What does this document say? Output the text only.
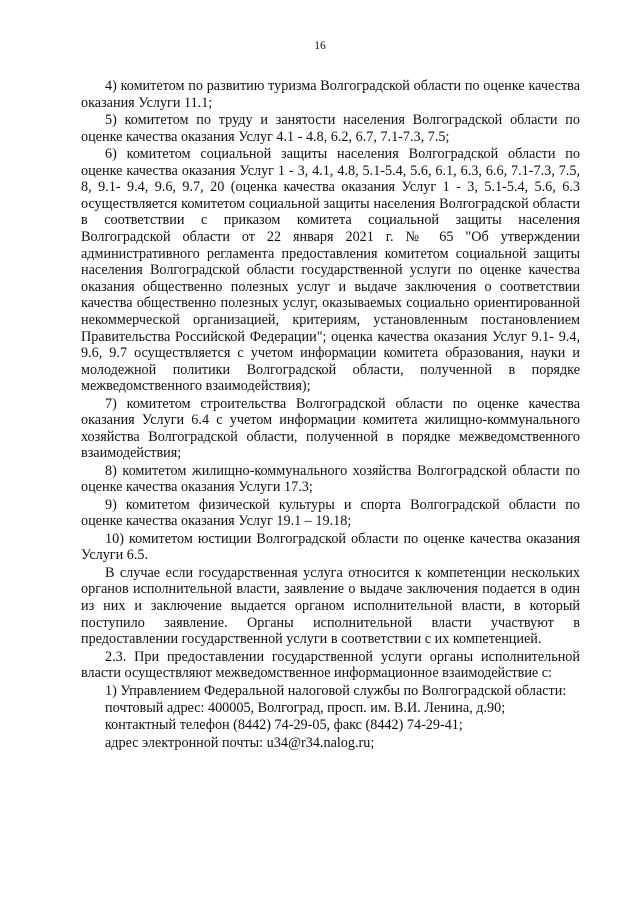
16

4) комитетом по развитию туризма Волгоградской области по оценке качества оказания Услуги 11.1;

5) комитетом по труду и занятости населения Волгоградской области по оценке качества оказания Услуг 4.1 - 4.8, 6.2, 6.7, 7.1-7.3, 7.5;

6) комитетом социальной защиты населения Волгоградской области по оценке качества оказания Услуг 1 - 3, 4.1, 4.8, 5.1-5.4, 5.6, 6.1, 6.3, 6.6, 7.1-7.3, 7.5, 8, 9.1- 9.4, 9.6, 9.7, 20 (оценка качества оказания Услуг 1 - 3, 5.1-5.4, 5.6, 6.3 осуществляется комитетом социальной защиты населения Волгоградской области в соответствии с приказом комитета социальной защиты населения Волгоградской области от 22 января 2021 г. № 65 "Об утверждении административного регламента предоставления комитетом социальной защиты населения Волгоградской области государственной услуги по оценке качества оказания общественно полезных услуг и выдаче заключения о соответствии качества общественно полезных услуг, оказываемых социально ориентированной некоммерческой организацией, критериям, установленным постановлением Правительства Российской Федерации"; оценка качества оказания Услуг 9.1- 9.4, 9.6, 9.7 осуществляется с учетом информации комитета образования, науки и молодежной политики Волгоградской области, полученной в порядке межведомственного взаимодействия);

7) комитетом строительства Волгоградской области по оценке качества оказания Услуги 6.4 с учетом информации комитета жилищно-коммунального хозяйства Волгоградской области, полученной в порядке межведомственного взаимодействия;

8) комитетом жилищно-коммунального хозяйства Волгоградской области по оценке качества оказания Услуги 17.3;

9) комитетом физической культуры и спорта Волгоградской области по оценке качества оказания Услуг 19.1 – 19.18;

10) комитетом юстиции Волгоградской области по оценке качества оказания Услуги 6.5.

В случае если государственная услуга относится к компетенции нескольких органов исполнительной власти, заявление о выдаче заключения подается в один из них и заключение выдается органом исполнительной власти, в который поступило заявление. Органы исполнительной власти участвуют в предоставлении государственной услуги в соответствии с их компетенцией.

2.3. При предоставлении государственной услуги органы исполнительной власти осуществляют межведомственное информационное взаимодействие с:

1) Управлением Федеральной налоговой службы по Волгоградской области:

почтовый адрес: 400005, Волгоград, просп. им. В.И. Ленина, д.90;

контактный телефон (8442) 74-29-05, факс (8442) 74-29-41;

адрес электронной почты: u34@r34.nalog.ru;
